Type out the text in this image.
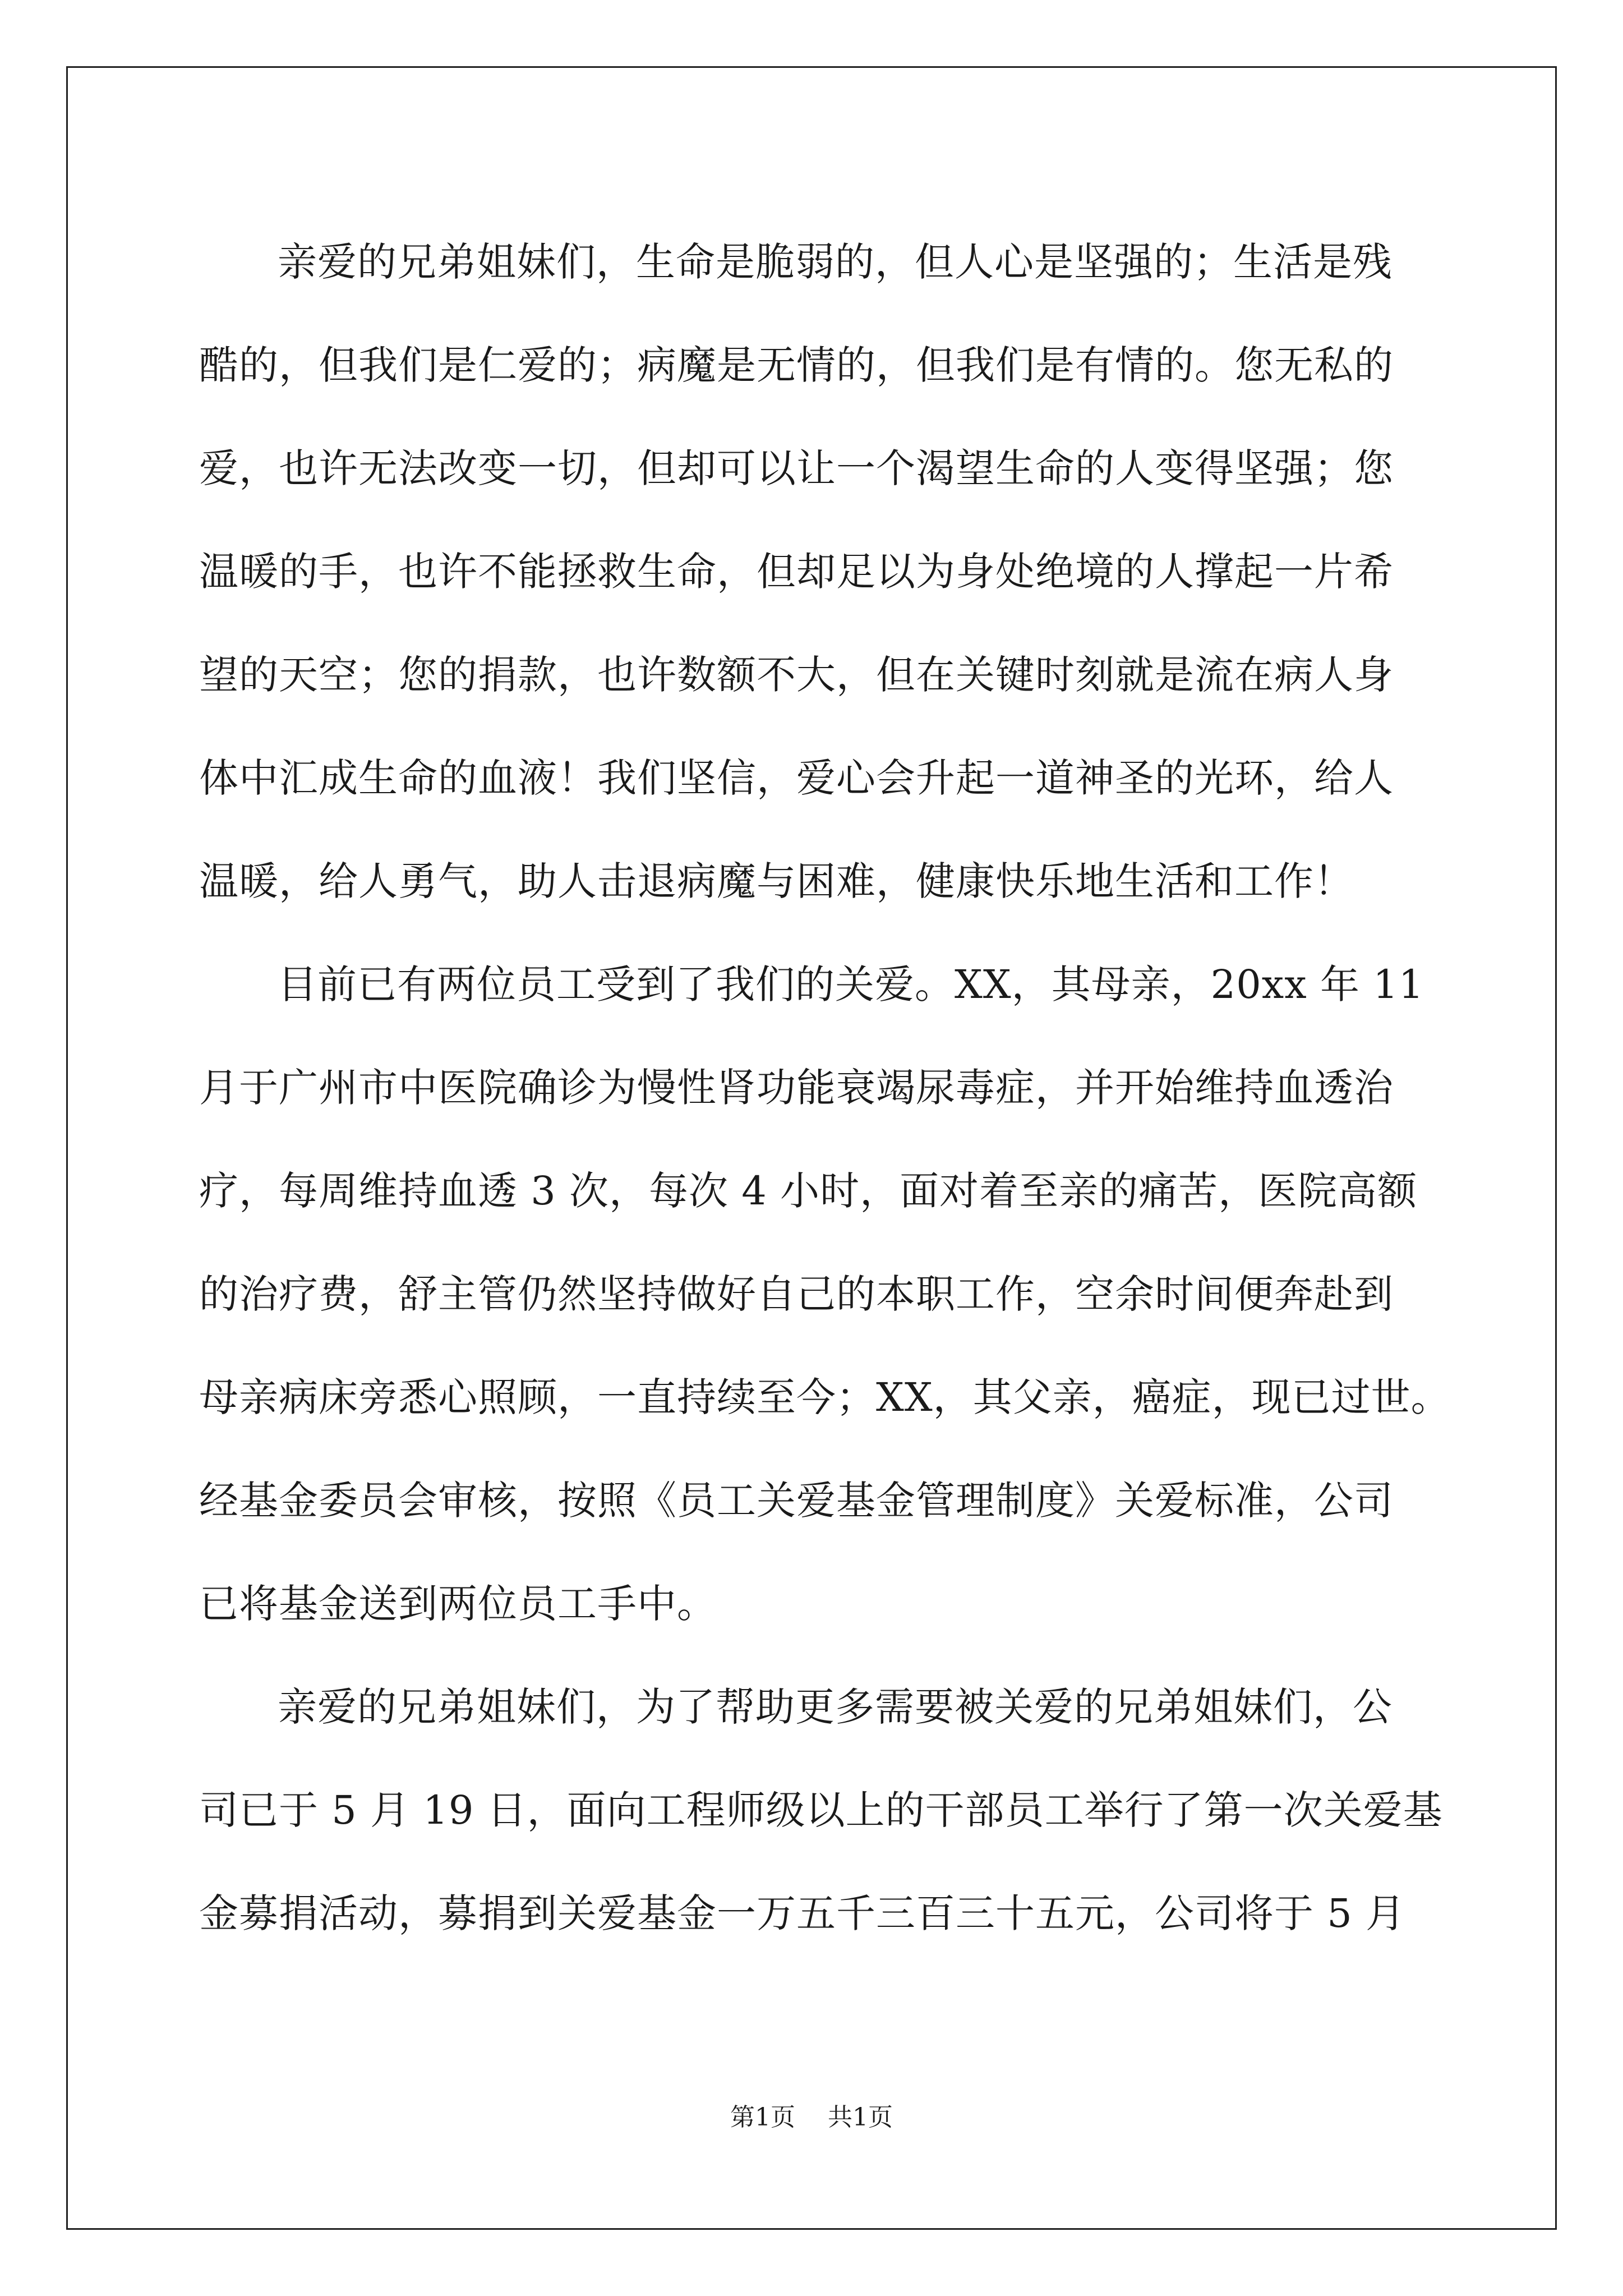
亲爱的兄弟姐妹们，生命是脆弱的，但人心是坚强的；生活是残
酷的，但我们是仁爱的；病魔是无情的，但我们是有情的。您无私的
爱，也许无法改变一切，但却可以让一个渴望生命的人变得坚强；您
温暖的手，也许不能拯救生命，但却足以为身处绝境的人撑起一片希
望的天空；您的捐款，也许数额不大，但在关键时刻就是流在病人身
体中汇成生命的血液！我们坚信，爱心会升起一道神圣的光环，给人
温暖，给人勇气，助人击退病魔与困难，健康快乐地生活和工作！

目前已有两位员工受到了我们的关爱。XX，其母亲，20xx 年 11
月于广州市中医院确诊为慢性肾功能衰竭尿毒症，并开始维持血透治
疗，每周维持血透 3 次，每次 4 小时，面对着至亲的痛苦，医院高额
的治疗费，舒主管仍然坚持做好自己的本职工作，空余时间便奔赴到
母亲病床旁悉心照顾，一直持续至今；XX，其父亲，癌症，现已过世。
经基金委员会审核，按照《员工关爱基金管理制度》关爱标准，公司
已将基金送到两位员工手中。

亲爱的兄弟姐妹们，为了帮助更多需要被关爱的兄弟姐妹们，公
司已于 5 月 19 日，面向工程师级以上的干部员工举行了第一次关爱基
金募捐活动，募捐到关爱基金一万五千三百三十五元，公司将于 5 月

第1页 共1页
